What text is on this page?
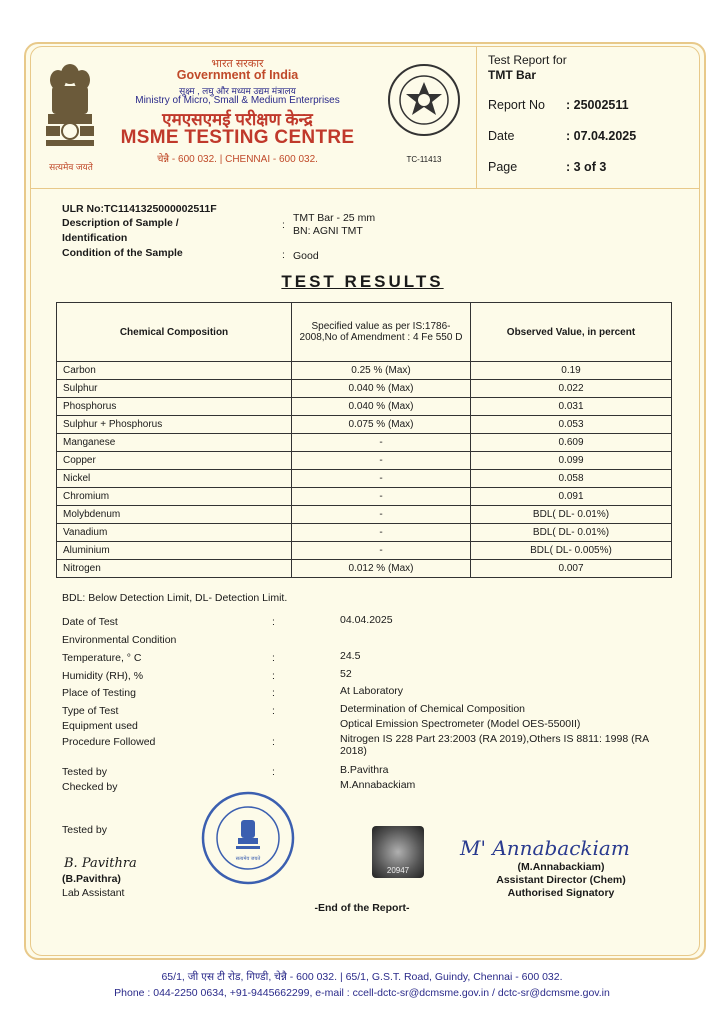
सत्यमेव जयते
भारत सरकार
Government of India
सूक्ष्म , लघु और मध्यम उद्यम मंत्रालय
Ministry of Micro, Small & Medium Enterprises
एमएसएमई परीक्षण केन्द्र
MSME TESTING CENTRE
चेन्नै - 600 032. | CHENNAI - 600 032.	TC-11413
Test Report for
TMT Bar
Report No : 25002511
Date	: 07.04.2025
Page	: 3 of 3
ULR No:TC1141325000002511F
Description of Sample /
Identification
:
TMT Bar - 25 mm
BN: AGNI TMT
Condition of the Sample	: Good
TEST RESULTS
Chemical Composition	Specified value as per IS:1786-2008,No of Amendment : 4 Fe 550 D	Observed Value, in percent
Carbon	0.25 % (Max)	0.19
Sulphur	0.040 % (Max)	0.022
Phosphorus	0.040 % (Max)	0.031
Sulphur + Phosphorus	0.075 % (Max)	0.053
Manganese	-	0.609
Copper	-	0.099
Nickel	-	0.058
Chromium	-	0.091
Molybdenum	-	BDL( DL- 0.01%)
Vanadium	-	BDL( DL- 0.01%)
Aluminium	-	BDL( DL- 0.005%)
Nitrogen	0.012 % (Max)	0.007
BDL: Below Detection Limit, DL- Detection Limit.
Date of Test	:	04.04.2025
Environmental Condition
Temperature, ° C	:	24.5
Humidity (RH), %	:	52
Place of Testing	:	At Laboratory
Type of Test	:	Determination of Chemical Composition
Equipment used	Optical Emission Spectrometer (Model OES-5500II)
Procedure Followed	:	Nitrogen IS 228 Part 23:2003 (RA 2019),Others IS 8811: 1998 (RA 2018)
Tested by	:	B.Pavithra
Checked by	M.Annabackiam
Tested by
B. Pavithra
(B.Pavithra)
Lab Assistant
सत्यमेव जयते
20947
M' Annabackiam
(M.Annabackiam)
Assistant Director (Chem)
Authorised Signatory
-End of the Report-
65/1, जी एस टी रोड, गिण्डी, चेन्नै - 600 032. | 65/1, G.S.T. Road, Guindy, Chennai - 600 032.
Phone : 044-2250 0634, +91-9445662299, e-mail : ccell-dctc-sr@dcmsme.gov.in / dctc-sr@dcmsme.gov.in
